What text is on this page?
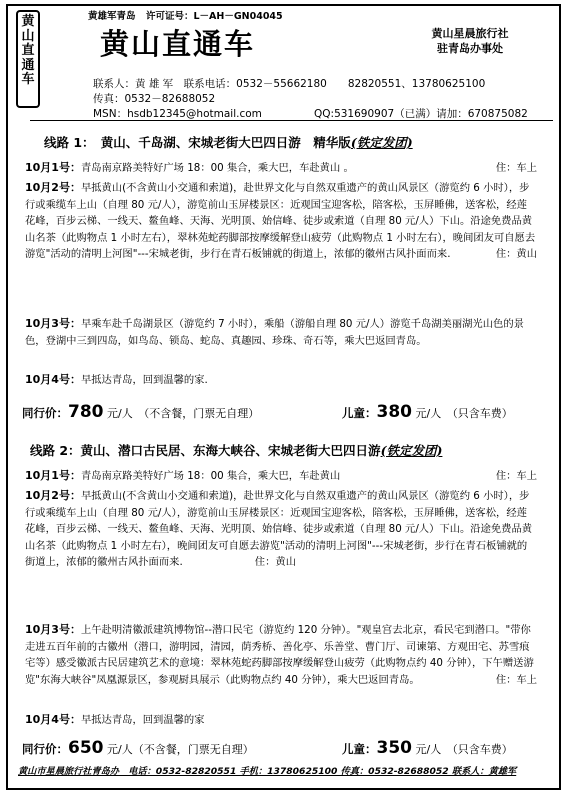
黄
山
直
通
车
黄雄军青岛 许可证号：L－AH－GN04045
黄山直通车	黄山星晨旅行社
驻青岛办事处
联系人：黄 雄 军　联系电话：0532－55662180　　82820551、13780625100
传真：0532－82688052
MSN：hsdb12345@hotmail.com	QQ:531690907（已满）请加：670875082
线路 1：　黄山、千岛湖、宋城老街大巴四日游　精华版(铁定发团)
10月1号：青岛南京路美特好广场 18：00 集合，乘大巴，车赴黄山 。	住：车上
10月2号：早抵黄山(不含黄山小交通和索道)，赴世界文化与自然双重遗产的黄山风景区（游览约 6 小时），步行或乘缆车上山（自理 80 元/人），游览前山玉屏楼景区：近观国宝迎客松，陪客松，玉屏睡佛，送客松，经莲花峰，百步云梯、一线天、鳌鱼峰、天海、光明顶、始信峰、徒步或索道（自理 80 元/人）下山。沿途免费品黄山名茶（此购物点 1 小时左右），翠林苑蛇药脚部按摩缓解登山疲劳（此购物点 1 小时左右），晚间团友可自愿去游览"活动的清明上河图"---宋城老街，步行在青石板铺就的街道上，浓郁的徽州古风扑面而来.	住：黄山
10月3号：早乘车赴千岛湖景区（游览约 7 小时），乘船（游船自理 80 元/人）游览千岛湖美丽湖光山色的景色，登湖中三到四岛，如鸟岛、锁岛、蛇岛、真趣园、珍珠、奇石等，乘大巴返回青岛。
10月4号：早抵达青岛，回到温馨的家.
同行价：780 元/人　（不含餐，门票无自理）	儿童：380 元/人　（只含车费）
线路 2：黄山、潜口古民居、东海大峡谷、宋城老街大巴四日游(铁定发团)
10月1号：青岛南京路美特好广场 18：00 集合，乘大巴，车赴黄山	住：车上
10月2号：早抵黄山(不含黄山小交通和索道)，赴世界文化与自然双重遗产的黄山风景区（游览约 6 小时），步行或乘缆车上山（自理 80 元/人），游览前山玉屏楼景区：近观国宝迎客松，陪客松，玉屏睡佛，送客松，经莲花峰，百步云梯、一线天、鳌鱼峰、天海、光明顶、始信峰、徒步或索道（自理 80 元/人）下山。沿途免费品黄山名茶（此购物点 1 小时左右），晚间团友可自愿去游览"活动的清明上河图"---宋城老街，步行在青石板铺就的街道上，浓郁的徽州古风扑面而来.　　　　　　　住：黄山
10月3号：上午赴明清徽派建筑博物馆--潜口民宅（游览约 120 分钟）。"观皇宫去北京，看民宅到潜口。"带你走进五百年前的古徽州（潜口，游明园，清园，荫秀桥、善化亭、乐善堂、曹门厅、司谏第、方观田宅、苏雪痕宅等）感受徽派古民居建筑艺术的意境：翠林苑蛇药脚部按摩缓解登山疲劳（此购物点约 40 分钟），下午赠送游览"东海大峡谷"凤凰源景区，参观厨具展示（此购物点约 40 分钟），乘大巴返回青岛。	住：车上
10月4号：早抵达青岛，回到温馨的家
同行价：650 元/人（不含餐，门票无自理）	儿童：350 元/人　（只含车费）
黄山市星晨旅行社青岛办　电话：0532-82820551 手机：13780625100 传真：0532-82688052 联系人：黄雄军
